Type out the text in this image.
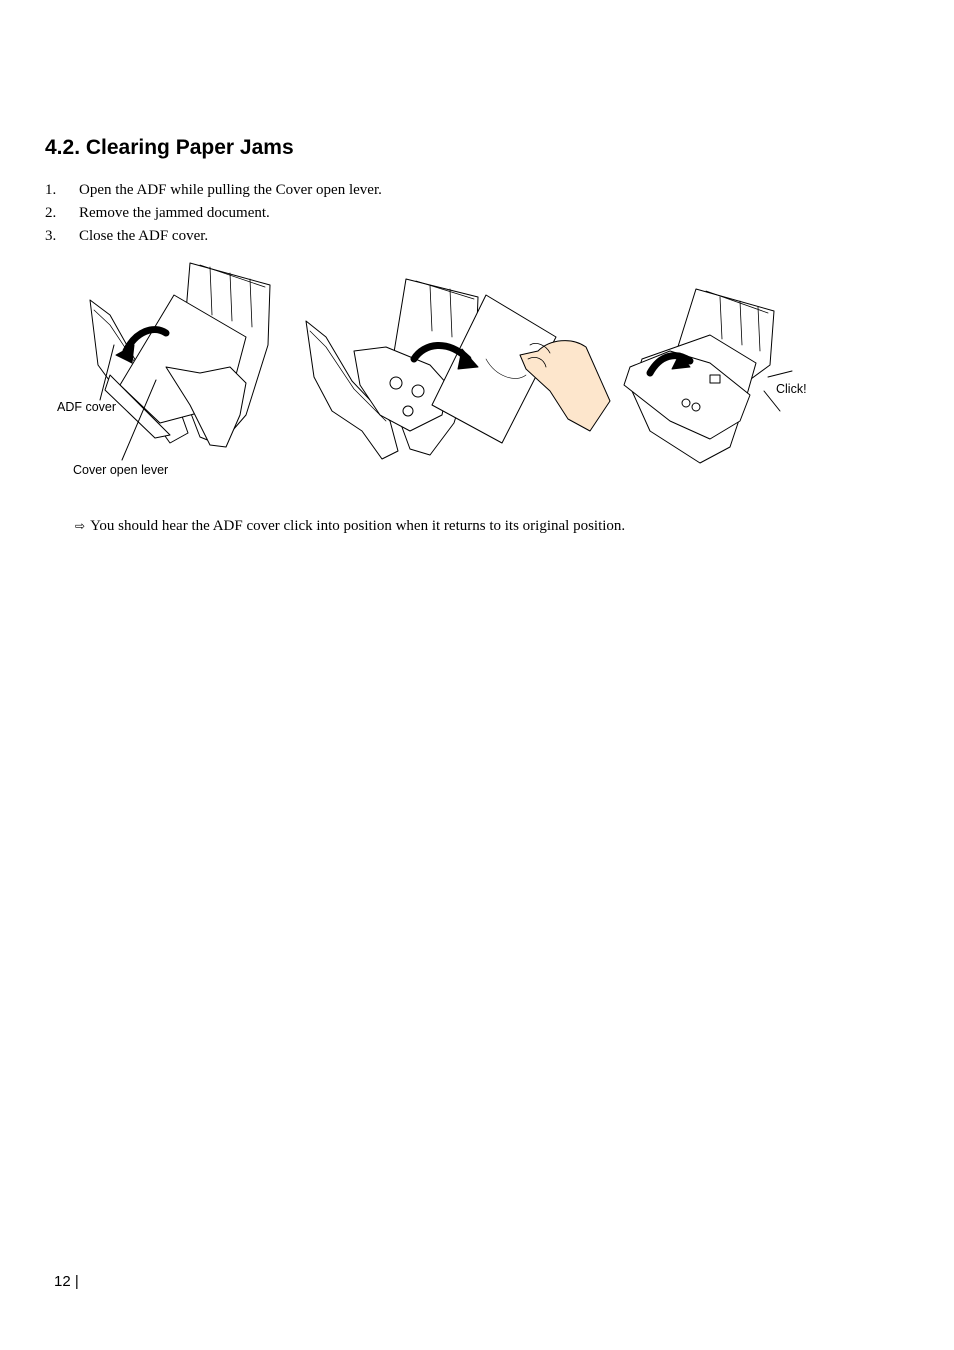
4.2. Clearing Paper Jams
1. Open the ADF while pulling the Cover open lever.
2. Remove the jammed document.
3. Close the ADF cover.
ADF cover
Cover open lever
Click!
⇨ You should hear the ADF cover click into position when it returns to its original position.
12 |
